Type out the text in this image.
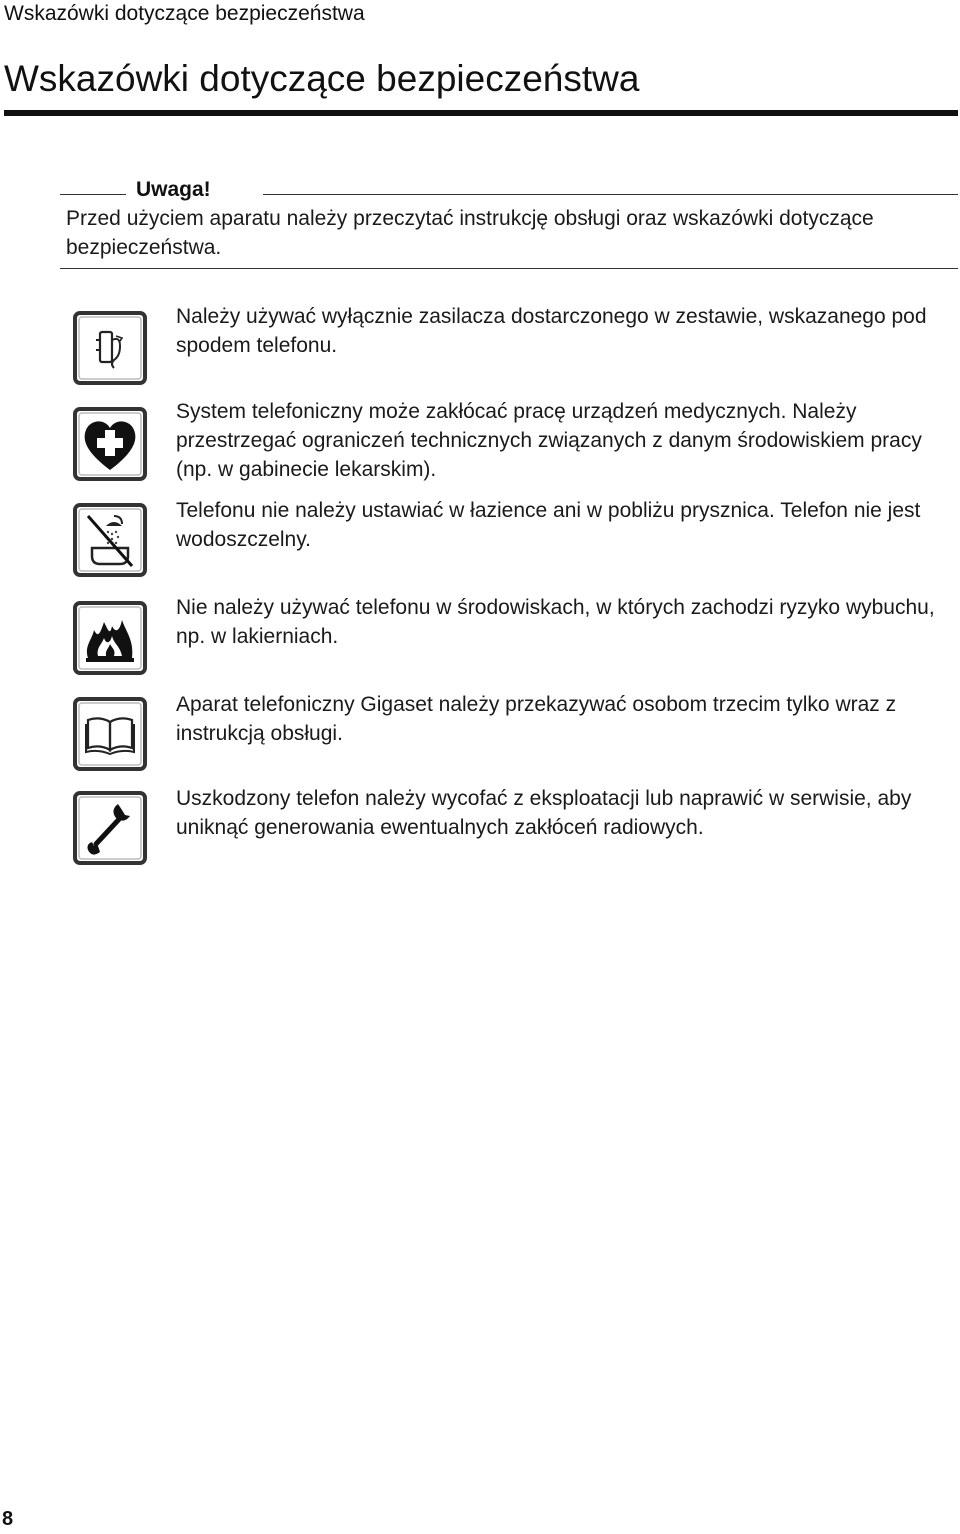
Wskazówki dotyczące bezpieczeństwa
Wskazówki dotyczące bezpieczeństwa
Uwaga!
Przed użyciem aparatu należy przeczytać instrukcję obsługi oraz wskazówki dotyczące bezpieczeństwa.
Należy używać wyłącznie zasilacza dostarczonego w zestawie, wskazanego pod spodem telefonu.
System telefoniczny może zakłócać pracę urządzeń medycznych. Należy przestrzegać ograniczeń technicznych związanych z danym środowiskiem pracy (np. w gabinecie lekarskim).
Telefonu nie należy ustawiać w łazience ani w pobliżu prysznica. Telefon nie jest wodoszczelny.
Nie należy używać telefonu w środowiskach, w których zachodzi ryzyko wybuchu, np. w lakierniach.
Aparat telefoniczny Gigaset należy przekazywać osobom trzecim tylko wraz z instrukcją obsługi.
Uszkodzony telefon należy wycofać z eksploatacji lub naprawić w serwisie, aby uniknąć generowania ewentualnych zakłóceń radiowych.
8
